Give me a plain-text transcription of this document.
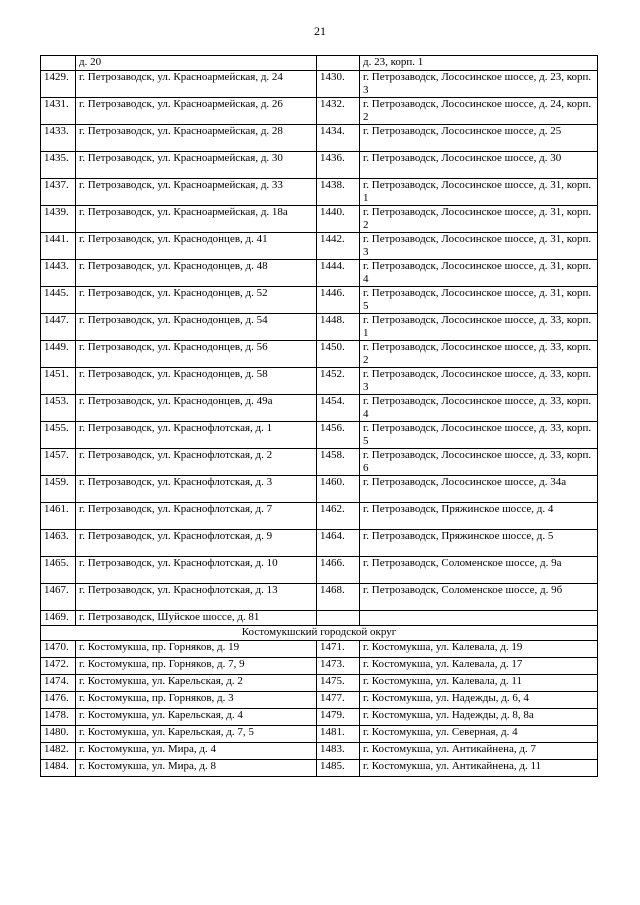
21
	д. 20		д. 23, корп. 1
1429.	г. Петрозаводск, ул. Красноармейская, д. 24	1430.	г. Петрозаводск, Лососинское шоссе, д. 23, корп. 3
1431.	г. Петрозаводск, ул. Красноармейская, д. 26	1432.	г. Петрозаводск, Лососинское шоссе, д. 24, корп. 2
1433.	г. Петрозаводск, ул. Красноармейская, д. 28	1434.	г. Петрозаводск, Лососинское шоссе, д. 25
1435.	г. Петрозаводск, ул. Красноармейская, д. 30	1436.	г. Петрозаводск, Лососинское шоссе, д. 30
1437.	г. Петрозаводск, ул. Красноармейская, д. 33	1438.	г. Петрозаводск, Лососинское шоссе, д. 31, корп. 1
1439.	г. Петрозаводск, ул. Красноармейская, д. 18а	1440.	г. Петрозаводск, Лососинское шоссе, д. 31, корп. 2
1441.	г. Петрозаводск, ул. Краснодонцев, д. 41	1442.	г. Петрозаводск, Лососинское шоссе, д. 31, корп. 3
1443.	г. Петрозаводск, ул. Краснодонцев, д. 48	1444.	г. Петрозаводск, Лососинское шоссе, д. 31, корп. 4
1445.	г. Петрозаводск, ул. Краснодонцев, д. 52	1446.	г. Петрозаводск, Лососинское шоссе, д. 31, корп. 5
1447.	г. Петрозаводск, ул. Краснодонцев, д. 54	1448.	г. Петрозаводск, Лососинское шоссе, д. 33, корп. 1
1449.	г. Петрозаводск, ул. Краснодонцев, д. 56	1450.	г. Петрозаводск, Лососинское шоссе, д. 33, корп. 2
1451.	г. Петрозаводск, ул. Краснодонцев, д. 58	1452.	г. Петрозаводск, Лососинское шоссе, д. 33, корп. 3
1453.	г. Петрозаводск, ул. Краснодонцев, д. 49а	1454.	г. Петрозаводск, Лососинское шоссе, д. 33, корп. 4
1455.	г. Петрозаводск, ул. Краснофлотская, д. 1	1456.	г. Петрозаводск, Лососинское шоссе, д. 33, корп. 5
1457.	г. Петрозаводск, ул. Краснофлотская, д. 2	1458.	г. Петрозаводск, Лососинское шоссе, д. 33, корп. 6
1459.	г. Петрозаводск, ул. Краснофлотская, д. 3	1460.	г. Петрозаводск, Лососинское шоссе, д. 34а
1461.	г. Петрозаводск, ул. Краснофлотская, д. 7	1462.	г. Петрозаводск, Пряжинское шоссе, д. 4
1463.	г. Петрозаводск, ул. Краснофлотская, д. 9	1464.	г. Петрозаводск, Пряжинское шоссе, д. 5
1465.	г. Петрозаводск, ул. Краснофлотская, д. 10	1466.	г. Петрозаводск, Соломенское шоссе, д. 9а
1467.	г. Петрозаводск, ул. Краснофлотская, д. 13	1468.	г. Петрозаводск, Соломенское шоссе, д. 9б
1469.	г. Петрозаводск, Шуйское шоссе, д. 81		
Костомукшский городской округ			
1470.	г. Костомукша, пр. Горняков, д. 19	1471.	г. Костомукша, ул. Калевала, д. 19
1472.	г. Костомукша, пр. Горняков, д. 7, 9	1473.	г. Костомукша, ул. Калевала, д. 17
1474.	г. Костомукша, ул. Карельская, д. 2	1475.	г. Костомукша, ул. Калевала, д. 11
1476.	г. Костомукша, пр. Горняков, д. 3	1477.	г. Костомукша, ул. Надежды, д. 6, 4
1478.	г. Костомукша, ул. Карельская, д. 4	1479.	г. Костомукша, ул. Надежды, д. 8, 8а
1480.	г. Костомукша, ул. Карельская, д. 7, 5	1481.	г. Костомукша, ул. Северная, д. 4
1482.	г. Костомукша, ул. Мира, д. 4	1483.	г. Костомукша, ул. Антикайнена, д. 7
1484.	г. Костомукша, ул. Мира, д. 8	1485.	г. Костомукша, ул. Антикайнена, д. 11
